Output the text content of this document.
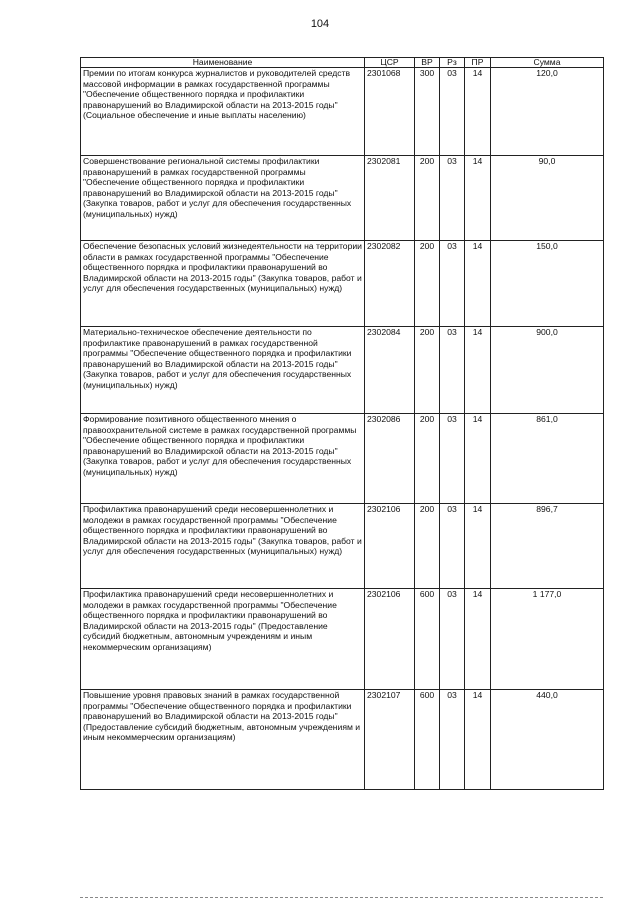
104
Наименование	ЦСР	ВР	Рз	ПР	Сумма
Премии по итогам конкурса журналистов и руководителей средств массовой информации в рамках государственной программы "Обеспечение общественного порядка и профилактики правонарушений во Владимирской области на 2013-2015 годы" (Социальное обеспечение и иные выплаты населению)	2301068	300	03	14	120,0
Совершенствование региональной системы профилактики правонарушений в рамках государственной программы "Обеспечение общественного порядка и профилактики правонарушений во Владимирской области на 2013-2015 годы" (Закупка товаров, работ и услуг для обеспечения государственных (муниципальных) нужд)	2302081	200	03	14	90,0
Обеспечение безопасных условий жизнедеятельности на территории области в рамках государственной программы "Обеспечение общественного порядка и профилактики правонарушений во Владимирской области на 2013-2015 годы" (Закупка товаров, работ и услуг для обеспечения государственных (муниципальных) нужд)	2302082	200	03	14	150,0
Материально-техническое обеспечение деятельности по профилактике правонарушений в рамках государственной программы "Обеспечение общественного порядка и профилактики правонарушений во Владимирской области на 2013-2015 годы" (Закупка товаров, работ и услуг для обеспечения государственных (муниципальных) нужд)	2302084	200	03	14	900,0
Формирование позитивного общественного мнения о правоохранительной системе в рамках государственной программы "Обеспечение общественного порядка и профилактики правонарушений во Владимирской области на 2013-2015 годы" (Закупка товаров, работ и услуг для обеспечения государственных (муниципальных) нужд)	2302086	200	03	14	861,0
Профилактика правонарушений среди несовершеннолетних и молодежи в рамках государственной программы "Обеспечение общественного порядка и профилактики правонарушений во Владимирской области на 2013-2015 годы" (Закупка товаров, работ и услуг для обеспечения государственных (муниципальных) нужд)	2302106	200	03	14	896,7
Профилактика правонарушений среди несовершеннолетних и молодежи в рамках государственной программы "Обеспечение общественного порядка и профилактики правонарушений во Владимирской области на 2013-2015 годы" (Предоставление субсидий бюджетным, автономным учреждениям и иным некоммерческим организациям)	2302106	600	03	14	1 177,0
Повышение уровня правовых знаний в рамках государственной программы "Обеспечение общественного порядка и профилактики правонарушений во Владимирской области на 2013-2015 годы" (Предоставление субсидий бюджетным, автономным учреждениям и иным некоммерческим организациям)	2302107	600	03	14	440,0
